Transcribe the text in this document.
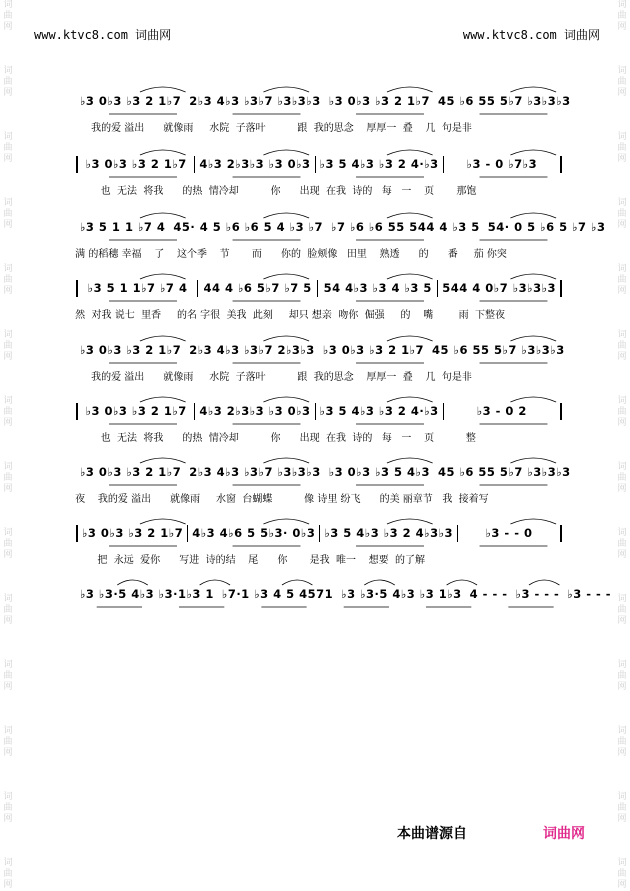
词
曲
网

词
曲
网

词
曲
网

词
曲
网

词
曲
网

词
曲
网

词
曲
网

词
曲
网

词
曲
网

词
曲
网

词
曲
网

词
曲
网

词
曲
网

词
曲
网
词
曲
网

词
曲
网

词
曲
网

词
曲
网

词
曲
网

词
曲
网

词
曲
网

词
曲
网

词
曲
网

词
曲
网

词
曲
网

词
曲
网

词
曲
网

词
曲
网
www.ktvc8.com 词曲网	www.ktvc8.com 词曲网
♭3 0♭3 ♭3 2 1♭7 2♭3 4♭3 ♭3♭7 ♭3♭3♭3 ♭3 0♭3 ♭3 2 1♭7 45 ♭6 55 5♭7 ♭3♭3♭3
我的爱 溢出      就像雨     水院  子落叶          跟  我的思念    厚厚一  叠    几  句是非
♭3 0♭3 ♭3 2 1♭7	4♭3 2♭3♭3 ♭3 0♭3 ♭3 5 4♭3 ♭3 2 4·♭3	♭3 - 0 ♭7♭3
也  无法  将我      的热  情冷却          你      出现  在我  诗的   每   一    页       那饱
♭3 5 1 1 ♭7 4 45· 4 5 ♭6 ♭6 5 4 ♭3 ♭7 ♭7 ♭6 ♭6 55 544 4 ♭3 5 54· 0 5 ♭6 5 ♭7 ♭3
满 的稻穗 幸福    了    这个季    节       而      你的  脸颊像   田里    熟透      的      番     茄 你突
♭3 5 1 1♭7 ♭7 4	44 4 ♭6 5♭7 ♭7 5 54 4♭3 ♭3 4 ♭3 5 544 4 0♭7 ♭3♭3♭3
然  对我 说七  里香     的名 字很  美我  此刻     却只 想亲  吻你  倔强     的    嘴        雨  下整夜
♭3 0♭3 ♭3 2 1♭7 2♭3 4♭3 ♭3♭7 2♭3♭3 ♭3 0♭3 ♭3 2 1♭7 45 ♭6 55 5♭7 ♭3♭3♭3
我的爱 溢出      就像雨     水院  子落叶          跟  我的思念    厚厚一  叠    几  句是非
♭3 0♭3 ♭3 2 1♭7	4♭3 2♭3♭3 ♭3 0♭3 ♭3 5 4♭3 ♭3 2 4·♭3	♭3 - 0 2
也  无法  将我      的热  情冷却          你      出现  在我  诗的   每   一    页          整
♭3 0♭3 ♭3 2 1♭7 2♭3 4♭3 ♭3♭7 ♭3♭3♭3 ♭3 0♭3 ♭3 5 4♭3 45 ♭6 55 5♭7 ♭3♭3♭3
夜    我的爱 溢出      就像雨     水窗  台蝴蝶          像 诗里 纷飞      的美 丽章节   我  接着写
♭3 0♭3 ♭3 2 1♭7 4♭3 4♭6 5 5♭3· 0♭3 ♭3 5 4♭3 ♭3 2 4♭3♭3	♭3 - - 0
把  永远  爱你      写进  诗的结    尾      你       是我  唯一    想要  的了解
♭3 ♭3·5 4♭3 ♭3·1♭3 1 ♭7·1 ♭3 4 5 4571 ♭3 ♭3·5 4♭3 ♭3 1♭3 4 - - - ♭3 - - - ♭3 - - -
本曲谱源自	词曲网
